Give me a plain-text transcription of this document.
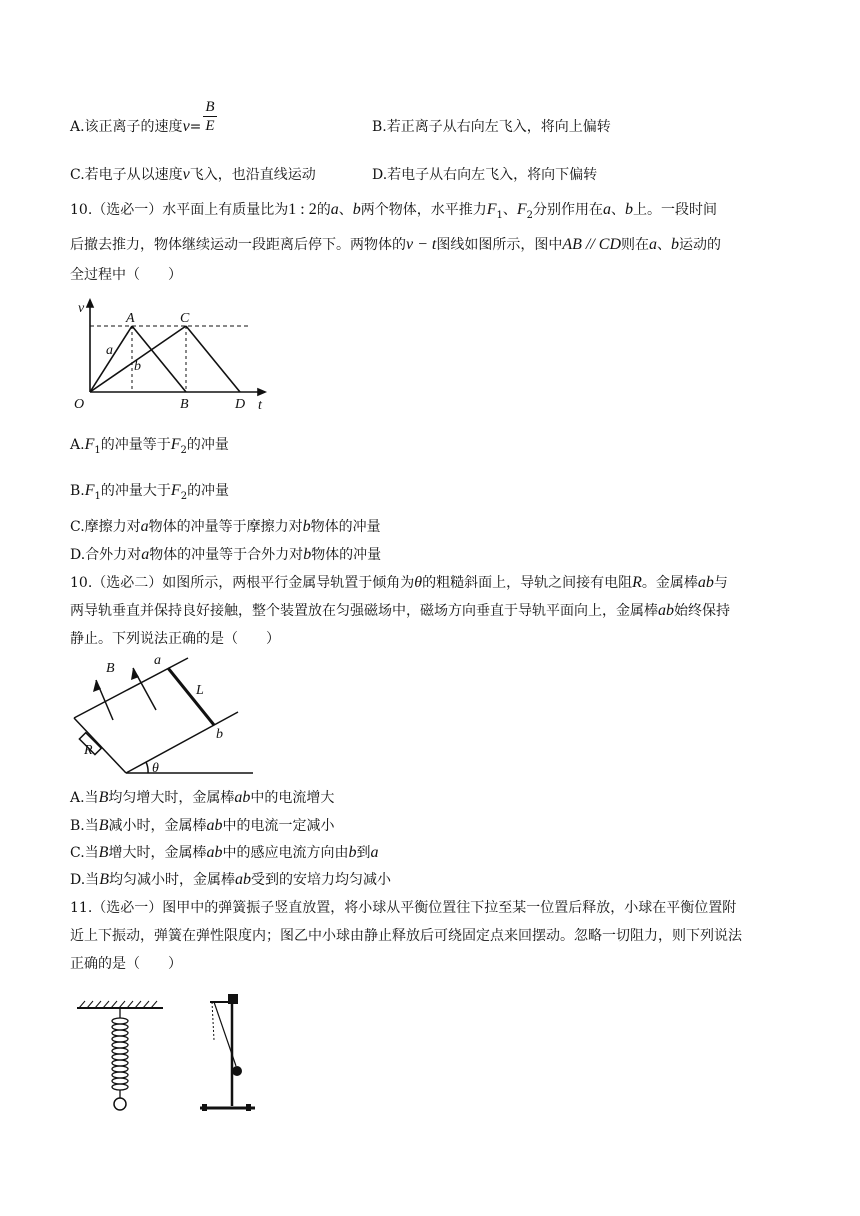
A.该正离子的速度$v= \frac{B}{E}$	B.若正离子从右向左飞入，将向上偏转
C.若电子从以速度v飞入，也沿直线运动	D.若电子从右向左飞入，将向下偏转
10.（选必一）水平面上有质量比为1 : 2的a、b两个物体，水平推力$F_1$、$F_2$分别作用在a、b上。一段时间
后撤去推力，物体继续运动一段距离后停下。两物体的v − t图线如图所示，图中AB // CD则在a、b运动的
全过程中（　　）
v
t
O
A
B
C
D
a
b
$A.F_1$的冲量等于$F_2$的冲量
$B.F_1$的冲量大于$F_2$的冲量
C.摩擦力对a物体的冲量等于摩擦力对b物体的冲量
D.合外力对a物体的冲量等于合外力对b物体的冲量
10.（选必二）如图所示，两根平行金属导轨置于倾角为θ的粗糙斜面上，导轨之间接有电阻R。金属棒ab与
两导轨垂直并保持良好接触，整个装置放在匀强磁场中，磁场方向垂直于导轨平面向上，金属棒ab始终保持
静止。下列说法正确的是（　　）
B
a
L
b
R
θ
A.当B均匀增大时，金属棒ab中的电流增大
B.当B减小时，金属棒ab中的电流一定减小
C.当B增大时，金属棒ab中的感应电流方向由b到a
D.当B均匀减小时，金属棒ab受到的安培力均匀减小
11.（选必一）图甲中的弹簧振子竖直放置，将小球从平衡位置往下拉至某一位置后释放，小球在平衡位置附
近上下振动，弹簧在弹性限度内；图乙中小球由静止释放后可绕固定点来回摆动。忽略一切阻力，则下列说法
正确的是（　　）
